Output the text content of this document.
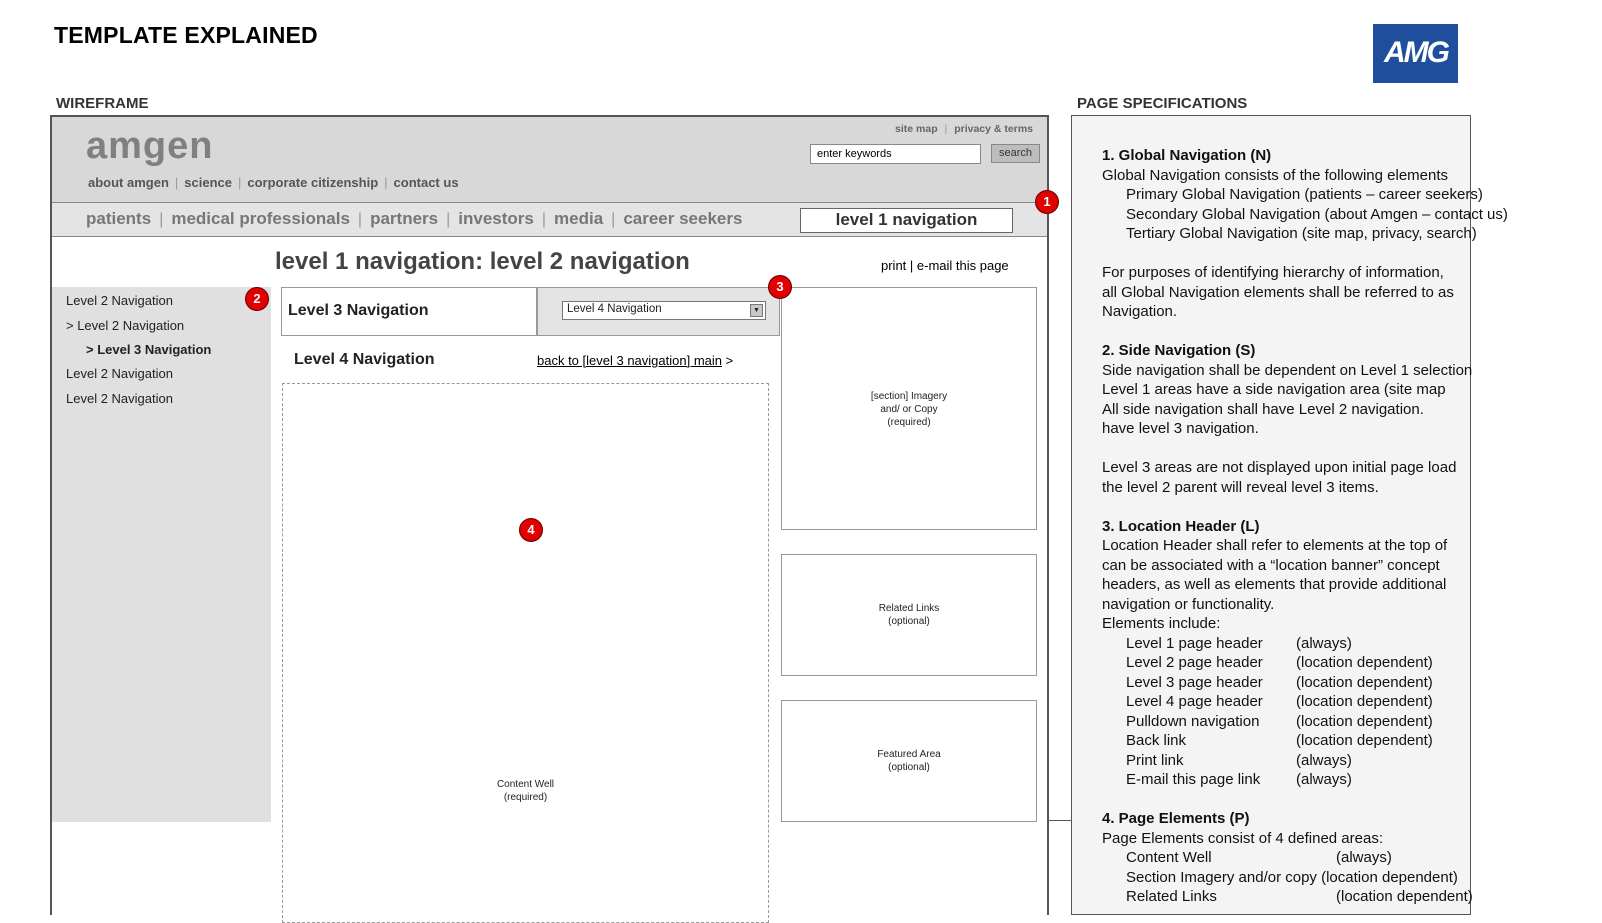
TEMPLATE EXPLAINED
AMG
WIREFRAME	PAGE SPECIFICATIONS
amgen	site map | privacy & terms
enter keywords
search
about amgen | science | corporate citizenship | contact us
patients | medical professionals | partners | investors | media | career seekers	level 1 navigation
level 1 navigation: level 2 navigation	print | e-mail this page
Level 2 Navigation
> Level 2 Navigation
> Level 3 Navigation
Level 2 Navigation
Level 2 Navigation
Level 3 Navigation	Level 4 Navigation	▼
Level 4 Navigation	back to [level 3 navigation] main >
Content Well
(required)
[section] Imagery
and/ or Copy
(required)
Related Links
(optional)
Featured Area
(optional)
1
2
3
4
1. Global Navigation (N)
Global Navigation consists of the following elements
Primary Global Navigation (patients – career seekers)
Secondary Global Navigation (about Amgen – contact us)
Tertiary Global Navigation (site map, privacy, search)
For purposes of identifying hierarchy of information,
all Global Navigation elements shall be referred to as
Navigation.
2. Side Navigation (S)
Side navigation shall be dependent on Level 1 selection
Level 1 areas have a side navigation area (site map
All side navigation shall have Level 2 navigation.
have level 3 navigation.
Level 3 areas are not displayed upon initial page load
the level 2 parent will reveal level 3 items.
3. Location Header (L)
Location Header shall refer to elements at the top of
can be associated with a “location banner” concept
headers, as well as elements that provide additional
navigation or functionality.
Elements include:
Level 1 page header (always)
Level 2 page header (location dependent)
Level 3 page header (location dependent)
Level 4 page header (location dependent)
Pulldown navigation (location dependent)
Back link	(location dependent)
Print link	(always)
E-mail this page link (always)
4. Page Elements (P)
Page Elements consist of 4 defined areas:
Content Well	(always)
Section Imagery and/or copy (location dependent)
Related Links	(location dependent)
